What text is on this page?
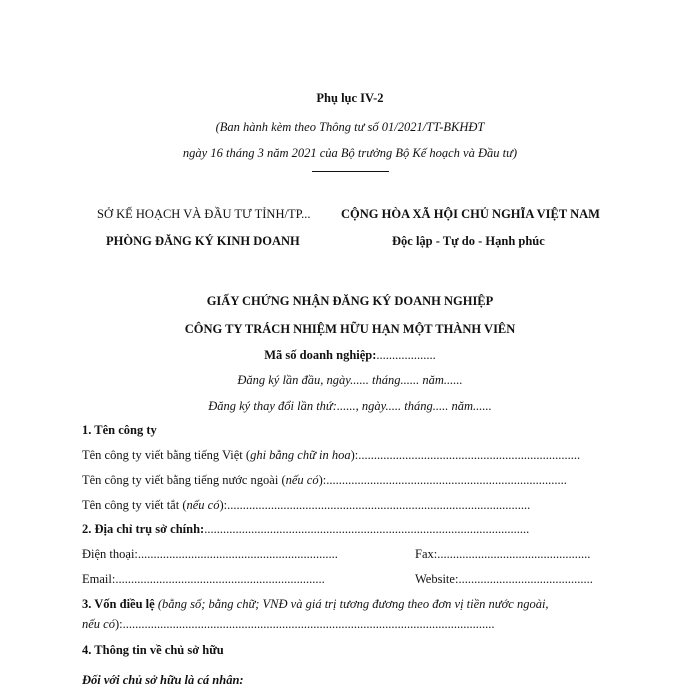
Phụ lục IV-2
(Ban hành kèm theo Thông tư số 01/2021/TT-BKHĐT
ngày 16 tháng 3 năm 2021 của Bộ trưởng Bộ Kế hoạch và Đầu tư)
SỞ KẾ HOẠCH VÀ ĐẦU TƯ TỈNH/TP...
PHÒNG ĐĂNG KÝ KINH DOANH
CỘNG HÒA XÃ HỘI CHỦ NGHĨA VIỆT NAM
Độc lập - Tự do - Hạnh phúc
GIẤY CHỨNG NHẬN ĐĂNG KÝ DOANH NGHIỆP
CÔNG TY TRÁCH NHIỆM HỮU HẠN MỘT THÀNH VIÊN
Mã số doanh nghiệp:...................
Đăng ký lần đầu, ngày...... tháng...... năm......
Đăng ký thay đổi lần thứ:......, ngày..... tháng..... năm......
1. Tên công ty
Tên công ty viết bằng tiếng Việt (ghi bằng chữ in hoa):.......................................................................
Tên công ty viết bằng tiếng nước ngoài (nếu có):.............................................................................
Tên công ty viết tắt (nếu có):.................................................................................................
2. Địa chỉ trụ sở chính:........................................................................................................
Điện thoại:................................................................	Fax:.................................................
Email:...................................................................	Website:...........................................
3. Vốn điều lệ (bằng số; bằng chữ; VNĐ và giá trị tương đương theo đơn vị tiền nước ngoài,
nếu có):.......................................................................................................................
4. Thông tin về chủ sở hữu
Đối với chủ sở hữu là cá nhân:
